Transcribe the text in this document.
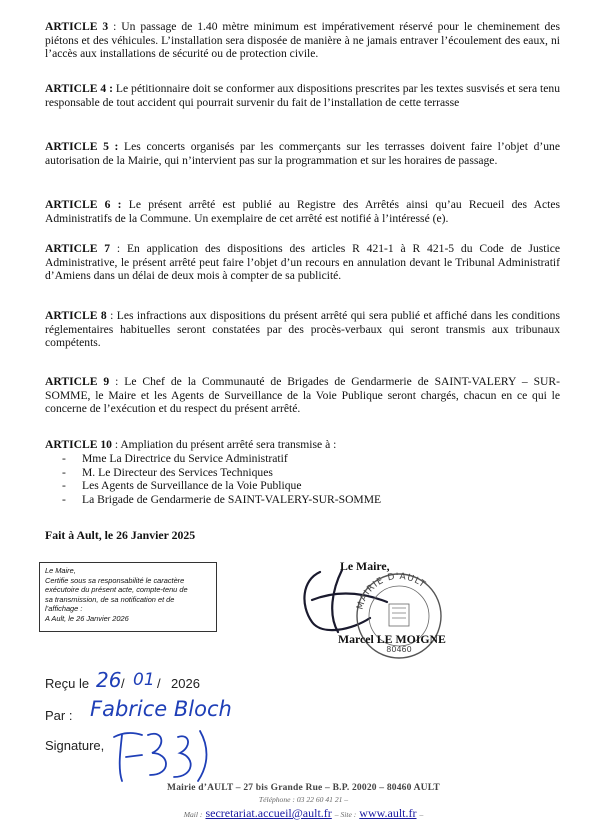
ARTICLE 3 : Un passage de 1.40 mètre minimum est impérativement réservé pour le cheminement des piétons et des véhicules. L’installation sera disposée de manière à ne jamais entraver l’écoulement des eaux, ni l’accès aux installations de sécurité ou de protection civile.

ARTICLE 4 : Le pétitionnaire doit se conformer aux dispositions prescrites par les textes susvisés et sera tenu responsable de tout accident qui pourrait survenir du fait de l’installation de cette terrasse

ARTICLE 5 : Les concerts organisés par les commerçants sur les terrasses doivent faire l’objet d’une autorisation de la Mairie, qui n’intervient pas sur la programmation et sur les horaires de passage.

ARTICLE 6 : Le présent arrêté est publié au Registre des Arrêtés ainsi qu’au Recueil des Actes Administratifs de la Commune. Un exemplaire de cet arrêté est notifié à l’intéressé (e).

ARTICLE 7 : En application des dispositions des articles R 421-1 à R 421-5 du Code de Justice Administrative, le présent arrêté peut faire l’objet d’un recours en annulation devant le Tribunal Administratif d’Amiens dans un délai de deux mois à compter de sa publicité.

ARTICLE 8 : Les infractions aux dispositions du présent arrêté qui sera publié et affiché dans les conditions réglementaires habituelles seront constatées par des procès-verbaux qui seront transmis aux tribunaux compétents.

ARTICLE 9 : Le Chef de la Communauté de Brigades de Gendarmerie de SAINT-VALERY – SUR-SOMME, le Maire et les Agents de Surveillance de la Voie Publique seront chargés, chacun en ce qui le concerne de l’exécution et du respect du présent arrêté.

ARTICLE 10 : Ampliation du présent arrêté sera transmise à :

- Mme La Directrice du Service Administratif
- M. Le Directeur des Services Techniques
- Les Agents de Surveillance de la Voie Publique
- La Brigade de Gendarmerie de SAINT-VALERY-SUR-SOMME
Fait à Ault, le 26 Janvier 2025
Le Maire,
Certifie sous sa responsabilité le caractère
exécutoire du présent acte, compte-tenu de
sa transmission, de sa notification et de
l’affichage :
A Ault, le 26 Janvier 2026
Le Maire,
MAIRIE D'AULT
80460
Marcel LE MOIGNE
Reçu le 26 / 01 / 2026
Par : Fabrice Bloch
Signature,
Mairie d’AULT – 27 bis Grande Rue – B.P. 20020 – 80460 AULT
Téléphone : 03 22 60 41 21 –
Mail : secretariat.accueil@ault.fr – Site : www.ault.fr –
